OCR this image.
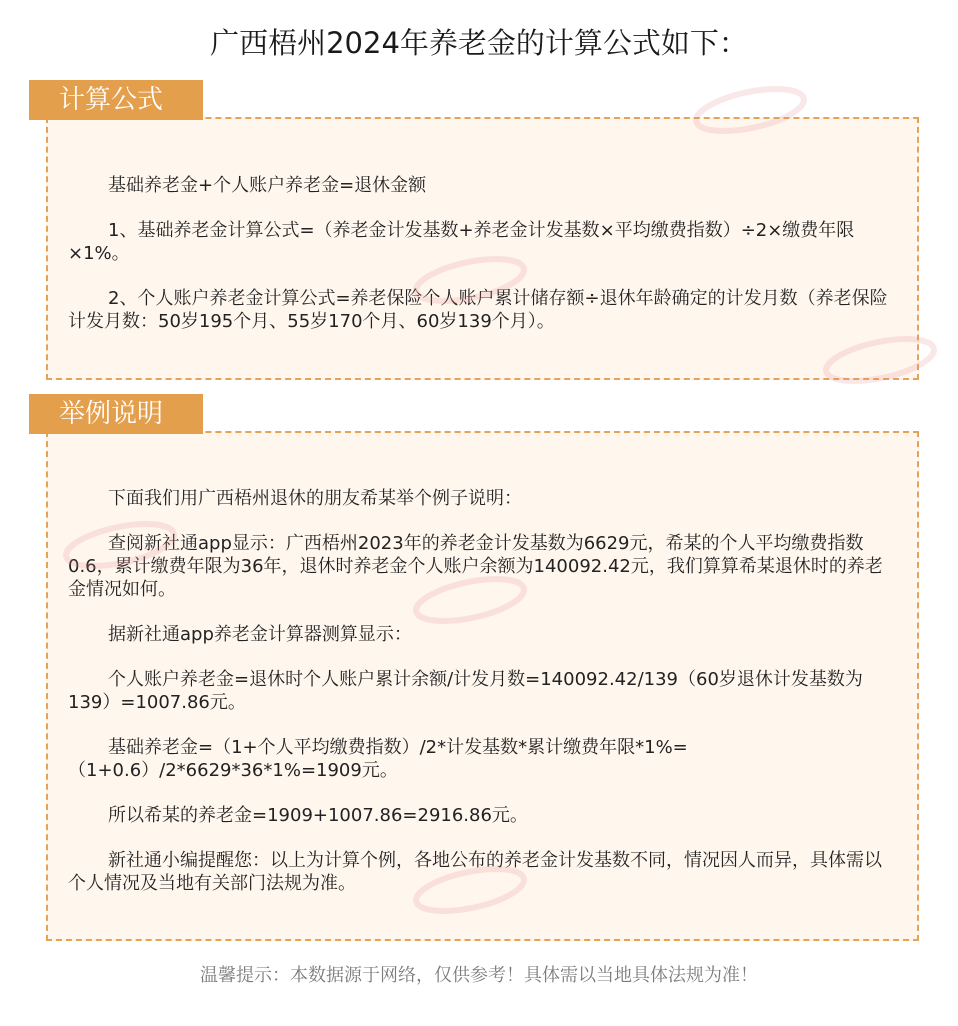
广西梧州2024年养老金的计算公式如下：
计算公式

基础养老金+个人账户养老金=退休金额

1、基础养老金计算公式=（养老金计发基数+养老金计发基数×平均缴费指数）÷2×缴费年限×1%。

2、个人账户养老金计算公式=养老保险个人账户累计储存额÷退休年龄确定的计发月数（养老保险计发月数：50岁195个月、55岁170个月、60岁139个月）。

举例说明

下面我们用广西梧州退休的朋友希某举个例子说明：

查阅新社通app显示：广西梧州2023年的养老金计发基数为6629元，希某的个人平均缴费指数0.6，累计缴费年限为36年，退休时养老金个人账户余额为140092.42元，我们算算希某退休时的养老金情况如何。

据新社通app养老金计算器测算显示：

个人账户养老金=退休时个人账户累计余额/计发月数=140092.42/139（60岁退休计发基数为139）=1007.86元。

基础养老金=（1+个人平均缴费指数）/2*计发基数*累计缴费年限*1%=（1+0.6）/2*6629*36*1%=1909元。

所以希某的养老金=1909+1007.86=2916.86元。

新社通小编提醒您：以上为计算个例，各地公布的养老金计发基数不同，情况因人而异，具体需以个人情况及当地有关部门法规为准。

温馨提示：本数据源于网络，仅供参考！具体需以当地具体法规为准！
